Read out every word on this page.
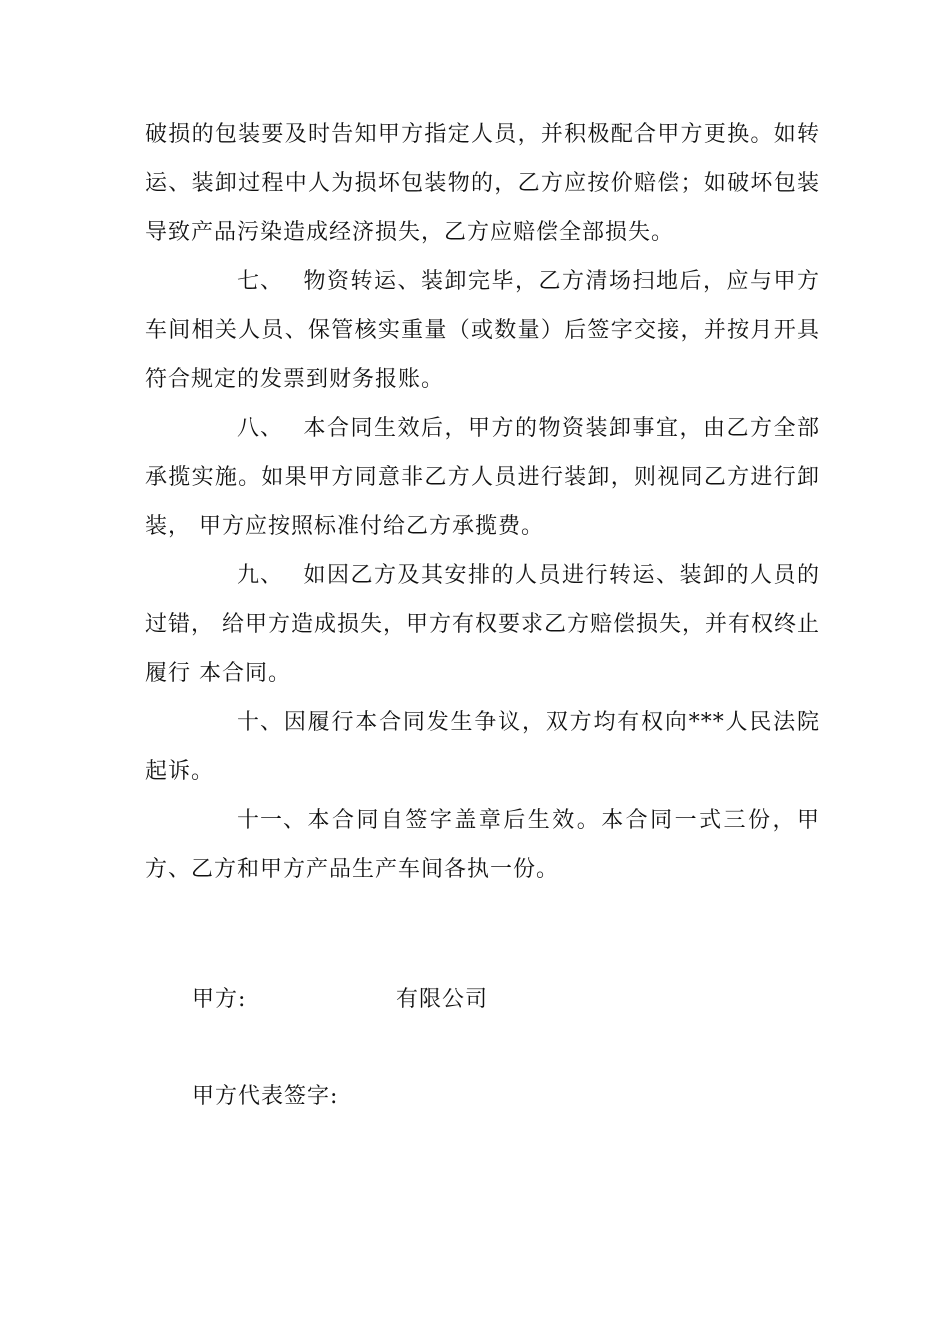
破损的包装要及时告知甲方指定人员，并积极配合甲方更换。如转运、装卸过程中人为损坏包装物的，乙方应按价赔偿；如破坏包装导致产品污染造成经济损失，乙方应赔偿全部损失。

七、 物资转运、装卸完毕，乙方清场扫地后，应与甲方车间相关人员、保管核实重量（或数量）后签字交接，并按月开具符合规定的发票到财务报账。

八、 本合同生效后，甲方的物资装卸事宜，由乙方全部承揽实施。如果甲方同意非乙方人员进行装卸，则视同乙方进行卸装， 甲方应按照标准付给乙方承揽费。

九、 如因乙方及其安排的人员进行转运、装卸的人员的过错， 给甲方造成损失，甲方有权要求乙方赔偿损失，并有权终止履行 本合同。

十、因履行本合同发生争议，双方均有权向***人民法院起诉。

十一、本合同自签字盖章后生效。本合同一式三份，甲方、乙方和甲方产品生产车间各执一份。

甲方:	有限公司
甲方代表签字:
